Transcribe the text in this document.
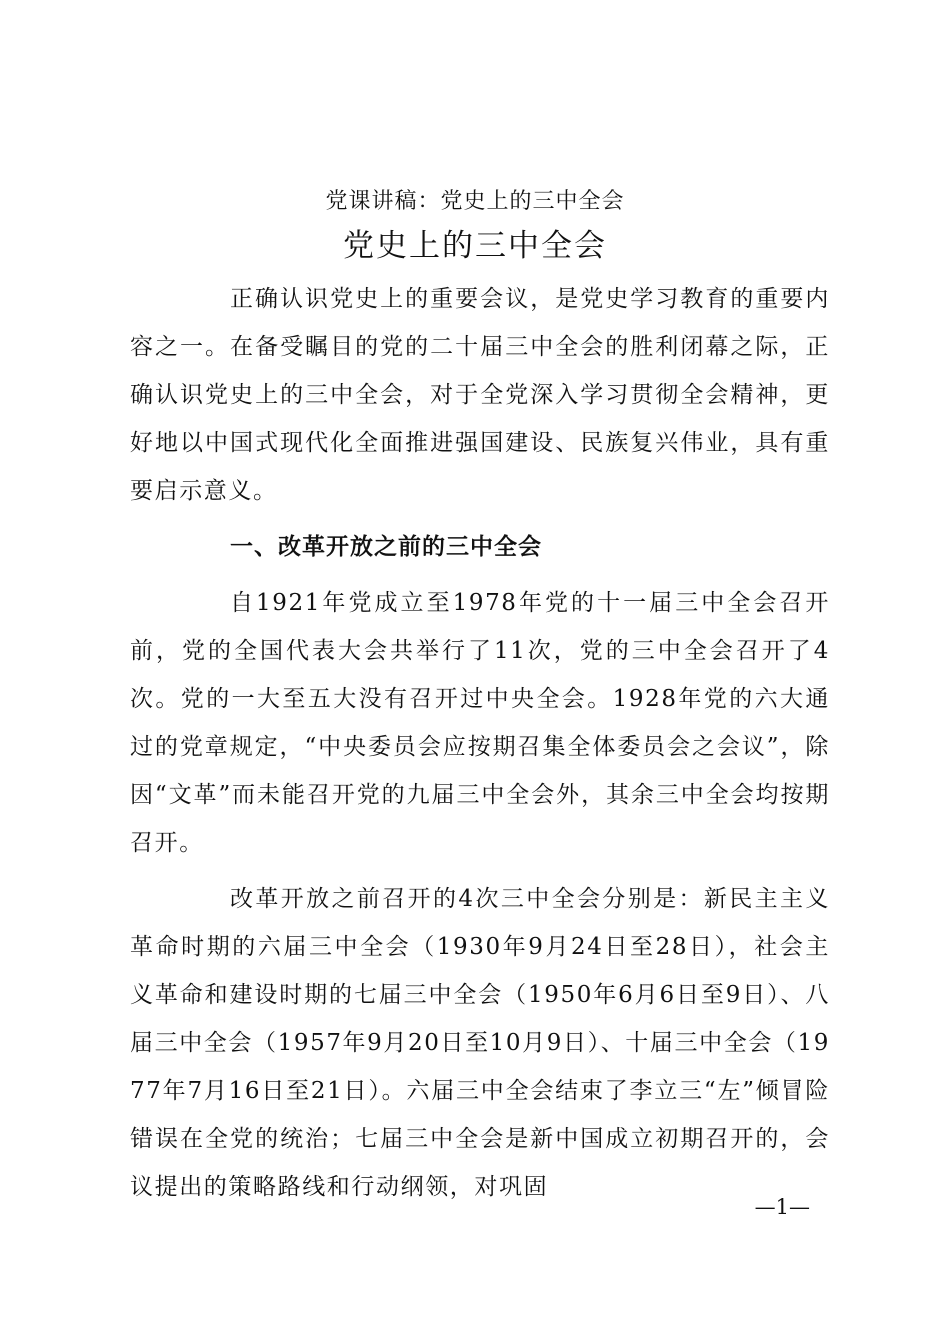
党课讲稿：党史上的三中全会
党史上的三中全会

正确认识党史上的重要会议，是党史学习教育的重要内容之一。在备受瞩目的党的二十届三中全会的胜利闭幕之际，正确认识党史上的三中全会，对于全党深入学习贯彻全会精神，更好地以中国式现代化全面推进强国建设、民族复兴伟业，具有重要启示意义。

一、改革开放之前的三中全会

自1921年党成立至1978年党的十一届三中全会召开前，党的全国代表大会共举行了11次，党的三中全会召开了4次。党的一大至五大没有召开过中央全会。1928年党的六大通过的党章规定，“中央委员会应按期召集全体委员会之会议”，除因“文革”而未能召开党的九届三中全会外，其余三中全会均按期召开。

改革开放之前召开的4次三中全会分别是：新民主主义革命时期的六届三中全会（1930年9月24日至28日），社会主义革命和建设时期的七届三中全会（1950年6月6日至9日）、八届三中全会（1957年9月20日至10月9日）、十届三中全会（1977年7月16日至21日）。六届三中全会结束了李立三“左”倾冒险错误在全党的统治；七届三中全会是新中国成立初期召开的，会议提出的策略路线和行动纲领，对巩固

—1—
